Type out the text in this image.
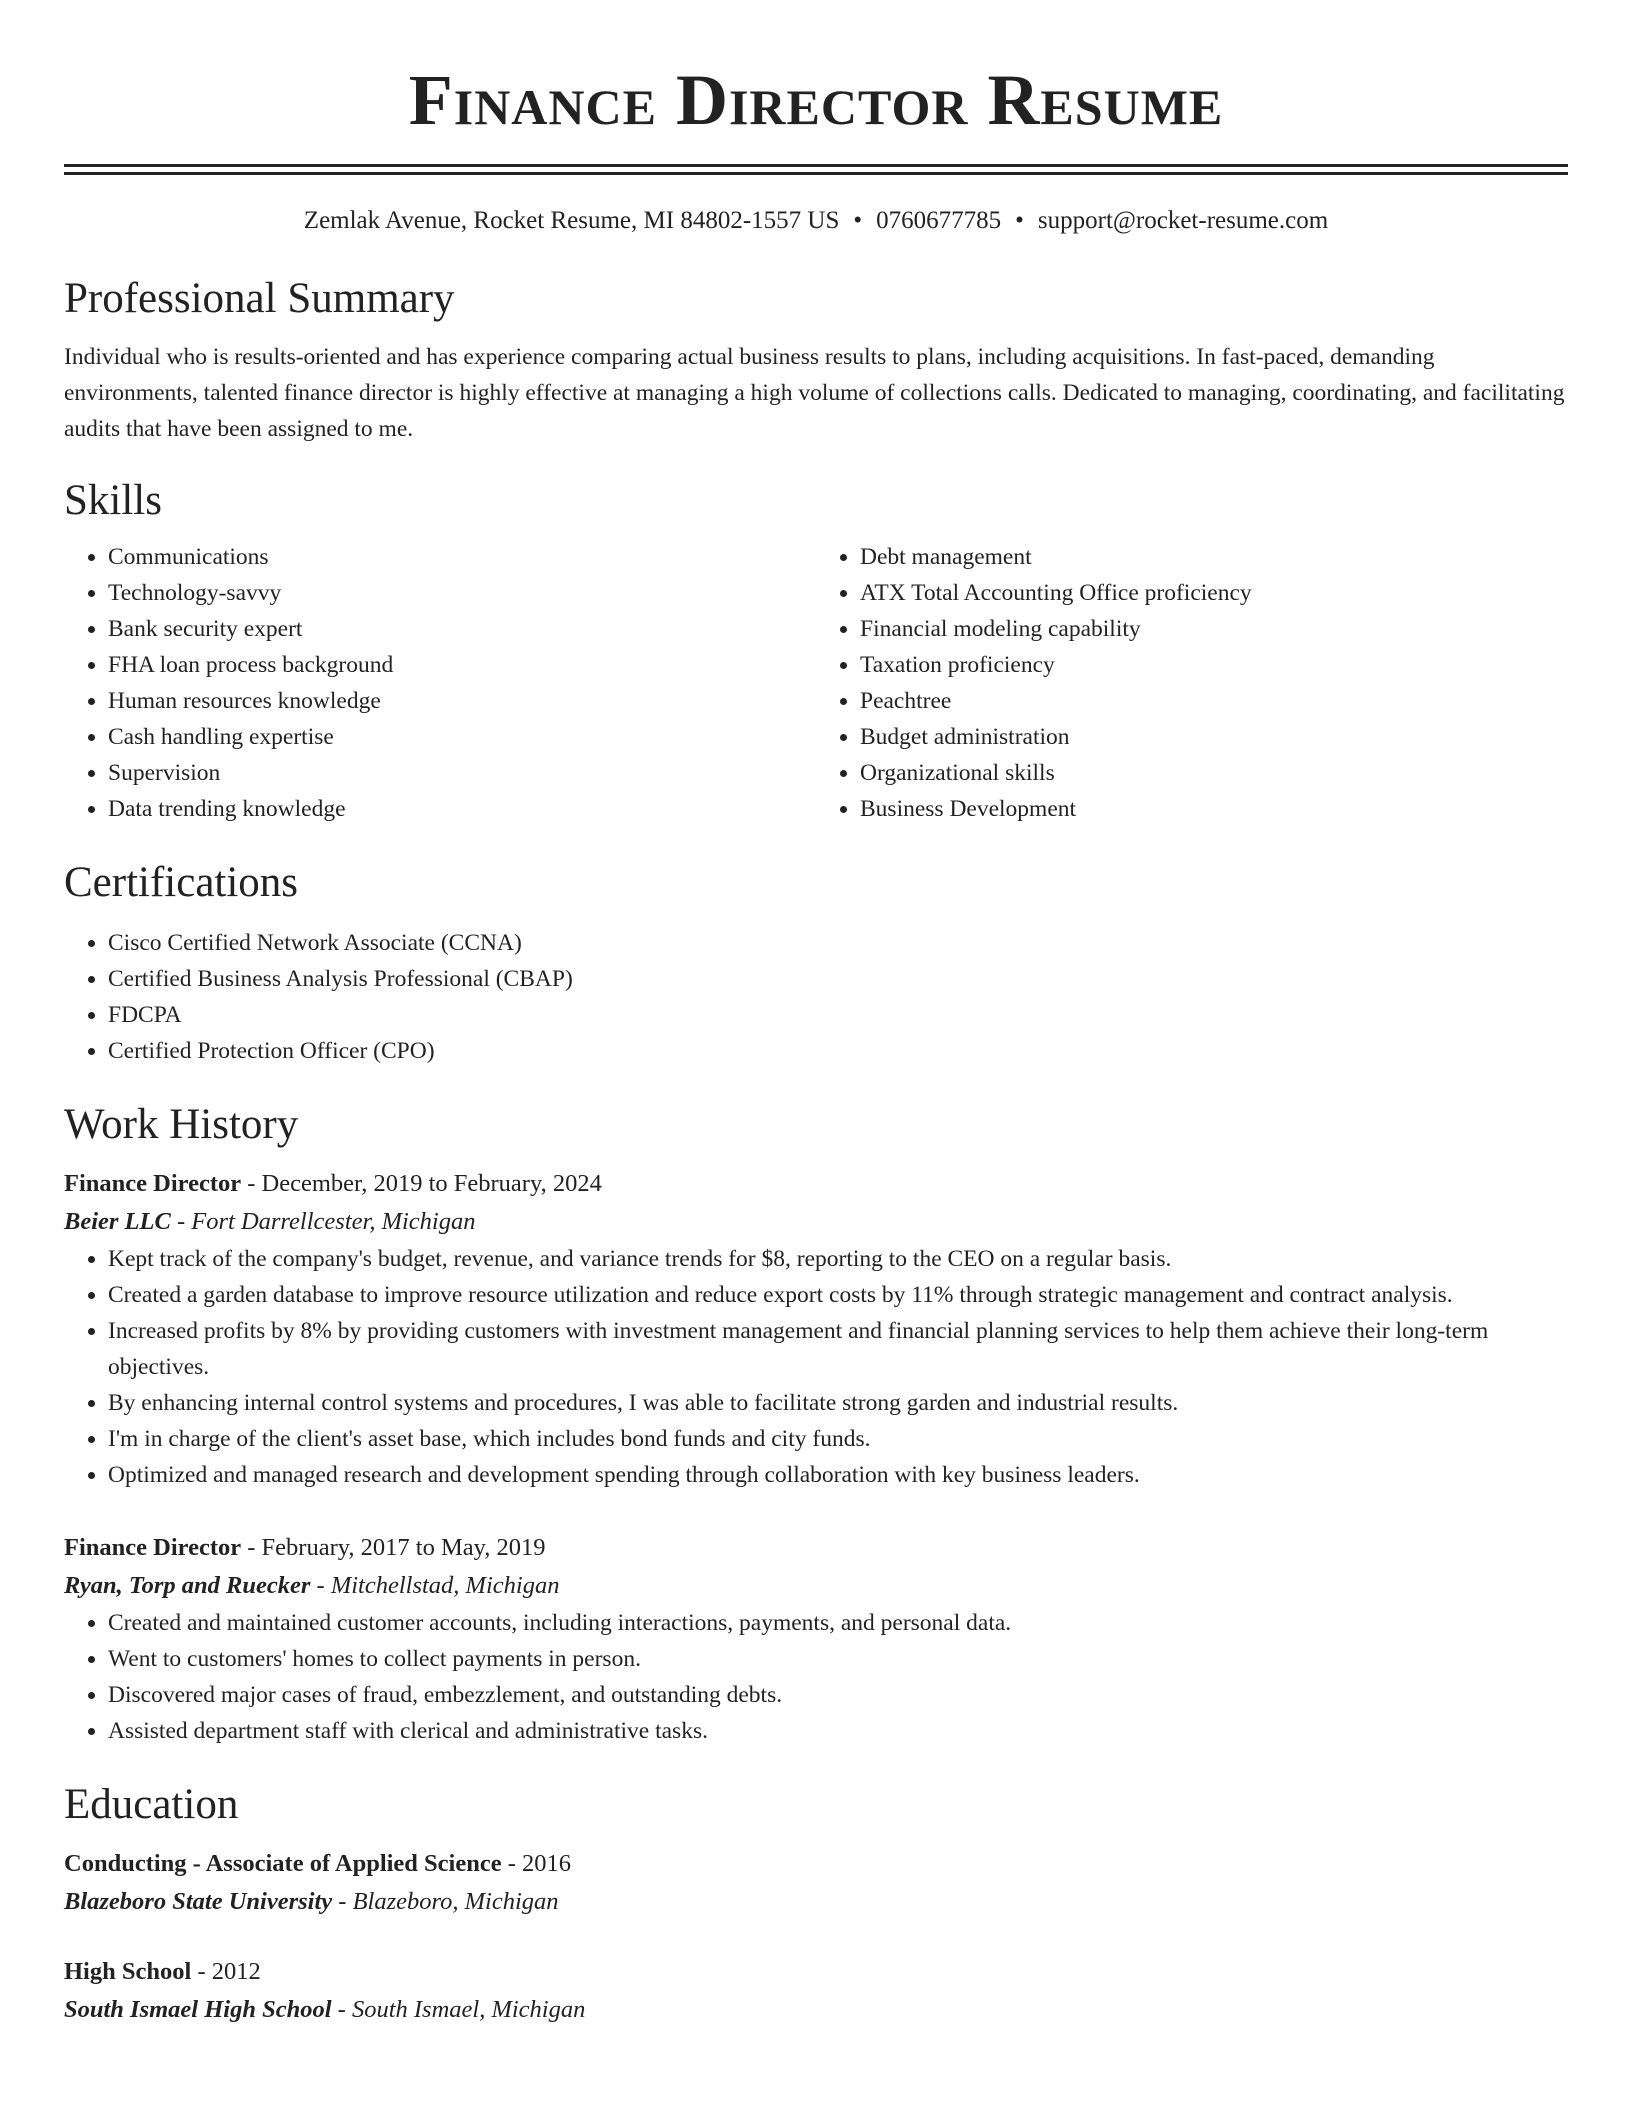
Finance Director Resume
Zemlak Avenue, Rocket Resume, MI 84802-1557 US • 0760677785 • support@rocket-resume.com
Professional Summary

Individual who is results-oriented and has experience comparing actual business results to plans, including acquisitions. In fast-paced, demanding environments, talented finance director is highly effective at managing a high volume of collections calls. Dedicated to managing, coordinating, and facilitating audits that have been assigned to me.

Skills
• Communications
• Technology-savvy
• Bank security expert
• FHA loan process background
• Human resources knowledge
• Cash handling expertise
• Supervision
• Data trending knowledge
• Debt management
• ATX Total Accounting Office proficiency
• Financial modeling capability
• Taxation proficiency
• Peachtree
• Budget administration
• Organizational skills
• Business Development
Certifications
• Cisco Certified Network Associate (CCNA)
• Certified Business Analysis Professional (CBAP)
• FDCPA
• Certified Protection Officer (CPO)
Work History
Finance Director - December, 2019 to February, 2024
Beier LLC - Fort Darrellcester, Michigan
• Kept track of the company's budget, revenue, and variance trends for $8, reporting to the CEO on a regular basis.
• Created a garden database to improve resource utilization and reduce export costs by 11% through strategic management and contract analysis.
• Increased profits by 8% by providing customers with investment management and financial planning services to help them achieve their long-term objectives.
• By enhancing internal control systems and procedures, I was able to facilitate strong garden and industrial results.
• I'm in charge of the client's asset base, which includes bond funds and city funds.
• Optimized and managed research and development spending through collaboration with key business leaders.
Finance Director - February, 2017 to May, 2019
Ryan, Torp and Ruecker - Mitchellstad, Michigan
• Created and maintained customer accounts, including interactions, payments, and personal data.
• Went to customers' homes to collect payments in person.
• Discovered major cases of fraud, embezzlement, and outstanding debts.
• Assisted department staff with clerical and administrative tasks.
Education
Conducting - Associate of Applied Science - 2016
Blazeboro State University - Blazeboro, Michigan
High School - 2012
South Ismael High School - South Ismael, Michigan
